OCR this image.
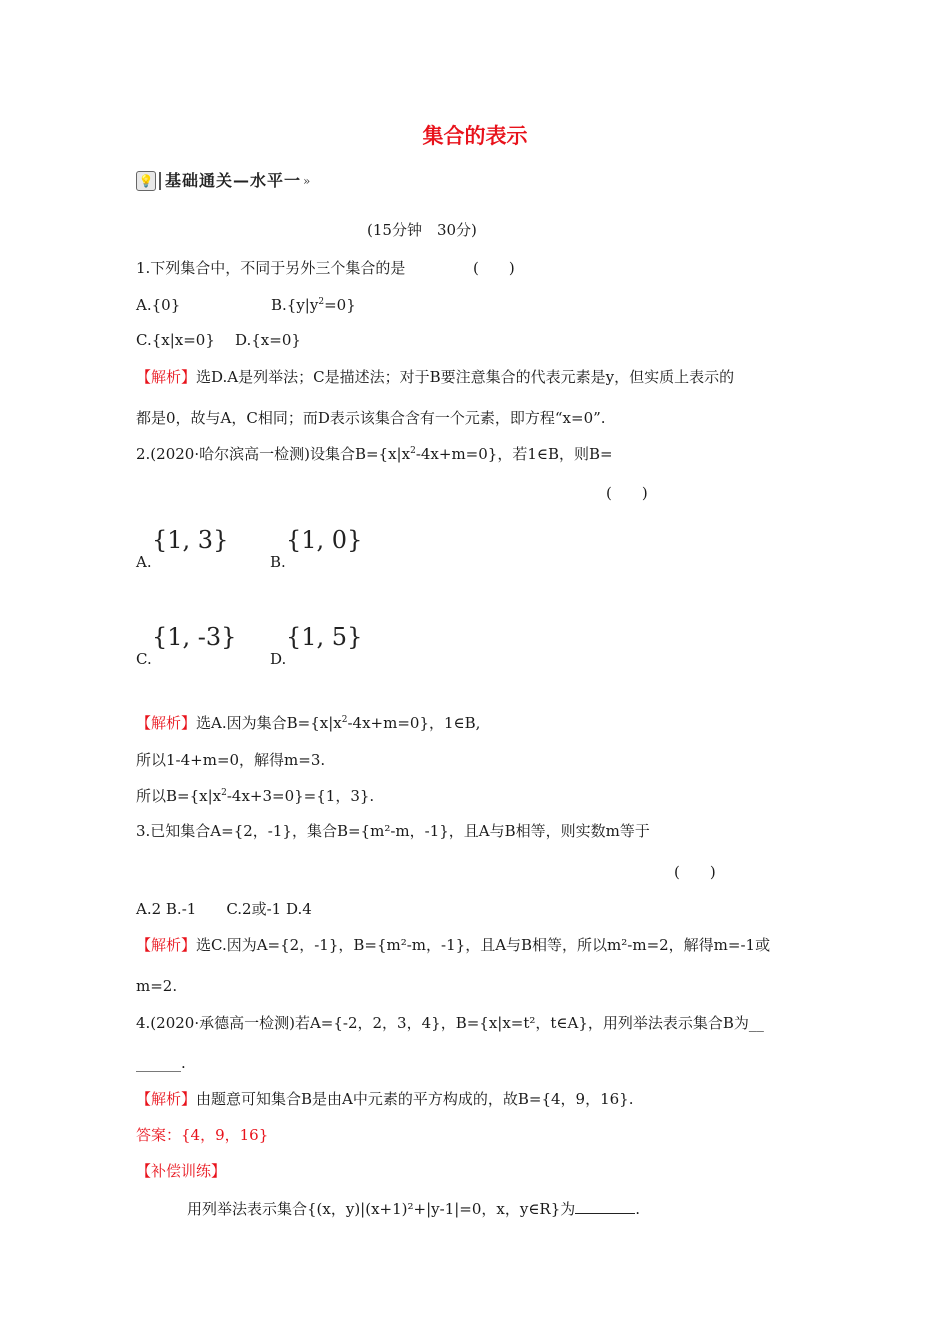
集合的表示
💡 基础通关—水平一 »
(15分钟　30分)
1.下列集合中，不同于另外三个集合的是	(　　)
A.{0}	$B.\{y|y^2=0\}$
C.{x|x=0} D.{x=0}
【解析】选D.A是列举法；C是描述法；对于B要注意集合的代表元素是y，但实质上表示的
都是0，故与A，C相同；而D表示该集合含有一个元素，即方程“x=0”.
2.(2020·哈尔滨高一检测)设集合$B=\{x|x^2-4x+m=0\}$，若1∈B，则B=
(　　)
A.
{1, 3}
B.
{1, 0}
C.
{1, -3}
D.
{1, 5}
【解析】选A.因为集合$B=\{x|x^2-4x+m=0\}$，1∈B,
所以1-4+m=0，解得m=3.
所以$B=\{x|x^2-4x+3=0\}=\{1$，3}.
3.已知集合A={2，-1}，集合B={m²-m，-1}，且A与B相等，则实数m等于
(　　)
A.2 B.-1　　C.2或-1 D.4
【解析】选C.因为A={2，-1}，B={m²-m，-1}，且A与B相等，所以m²-m=2，解得m=-1或
m=2.
4.(2020·承德高一检测)若A={-2，2，3，4}，B={x|x=t²，t∈A}，用列举法表示集合B为__
______.
【解析】由题意可知集合B是由A中元素的平方构成的，故B={4，9，16}.
答案：{4，9，16}
【补偿训练】
用列举法表示集合{(x，y)|(x+1)²+|y-1|=0，x，y∈R}为	.
